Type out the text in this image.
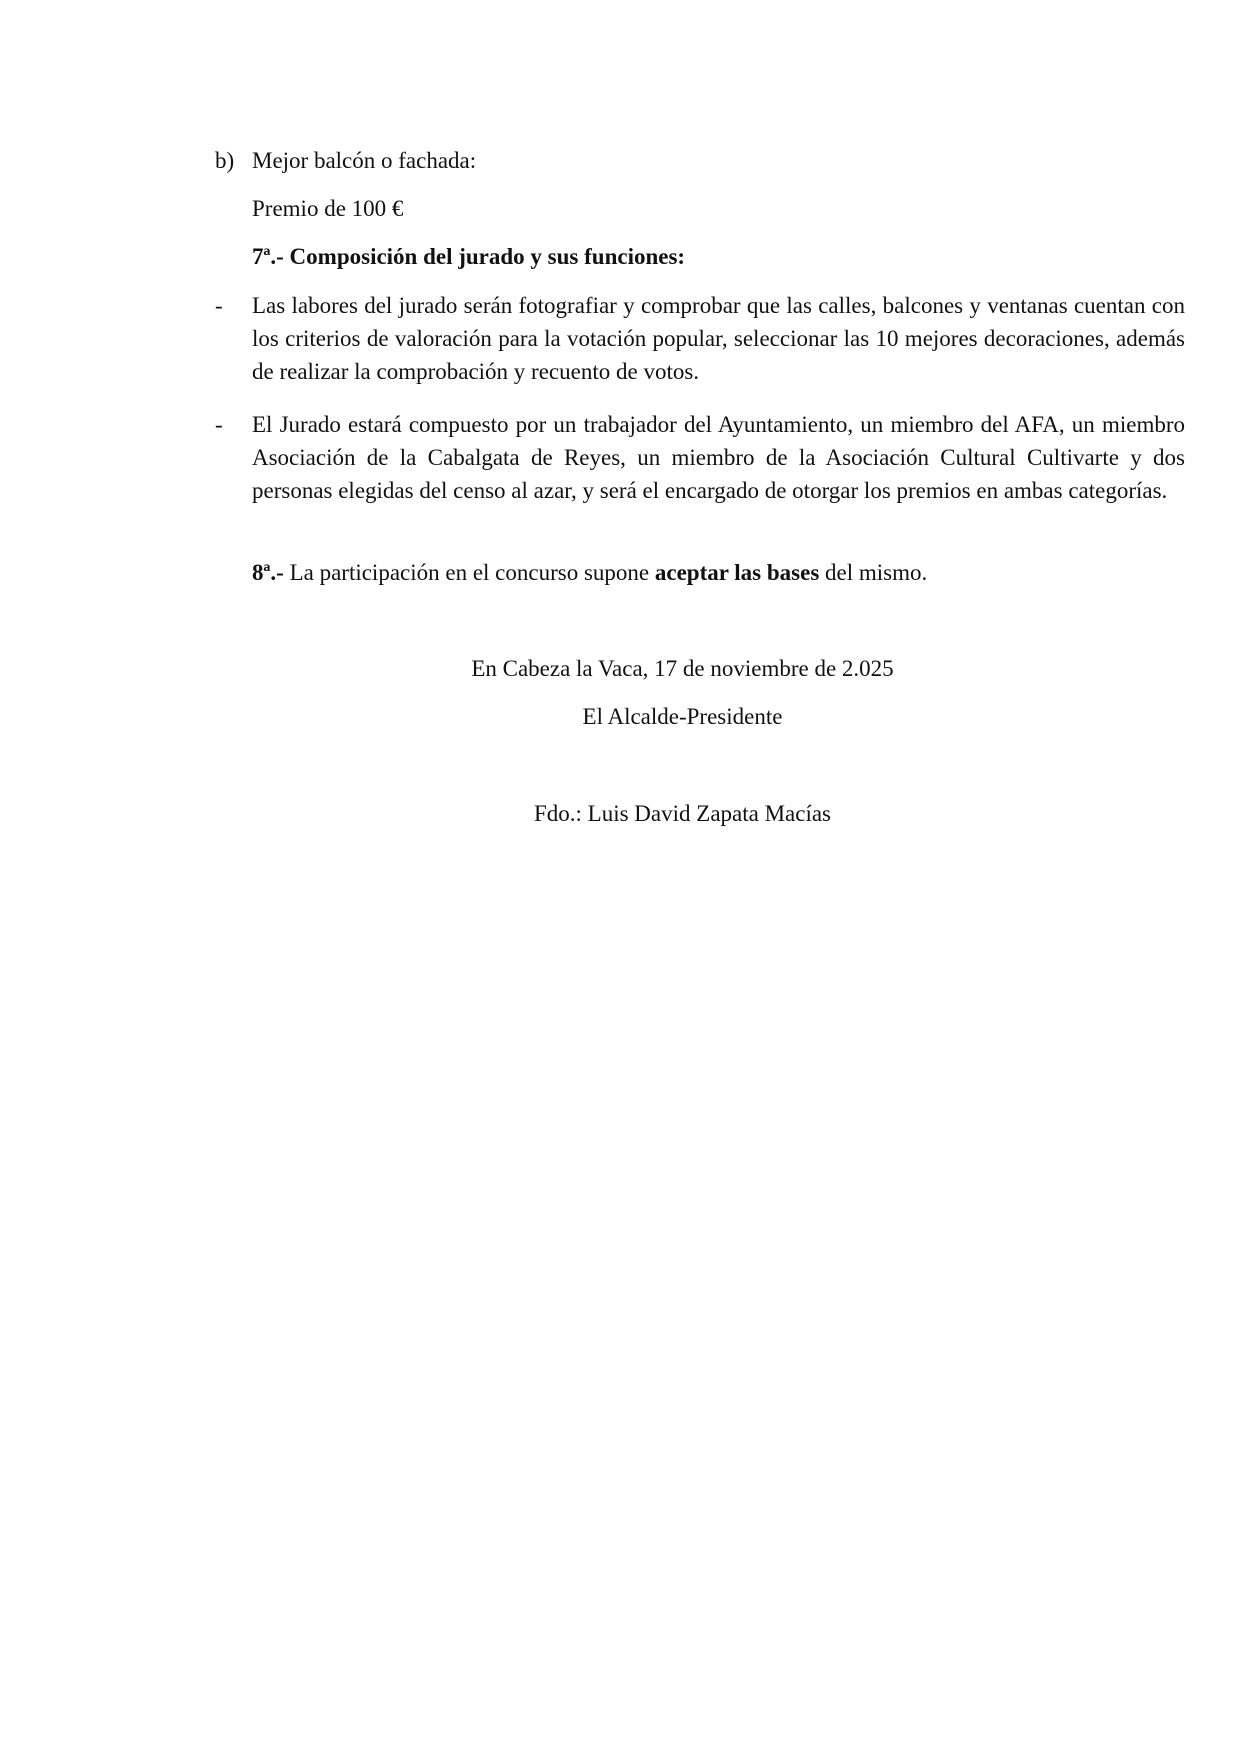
b) Mejor balcón o fachada:

Premio de 100 €

7ª.- Composición del jurado y sus funciones:

- Las labores del jurado serán fotografiar y comprobar que las calles, balcones y ventanas cuentan con los criterios de valoración para la votación popular, seleccionar las 10 mejores decoraciones, además de realizar la comprobación y recuento de votos.

- El Jurado estará compuesto por un trabajador del Ayuntamiento, un miembro del AFA, un miembro Asociación de la Cabalgata de Reyes, un miembro de la Asociación Cultural Cultivarte y dos personas elegidas del censo al azar, y será el encargado de otorgar los premios en ambas categorías.

8ª.- La participación en el concurso supone aceptar las bases del mismo.

En Cabeza la Vaca, 17 de noviembre de 2.025

El Alcalde-Presidente

Fdo.: Luis David Zapata Macías
